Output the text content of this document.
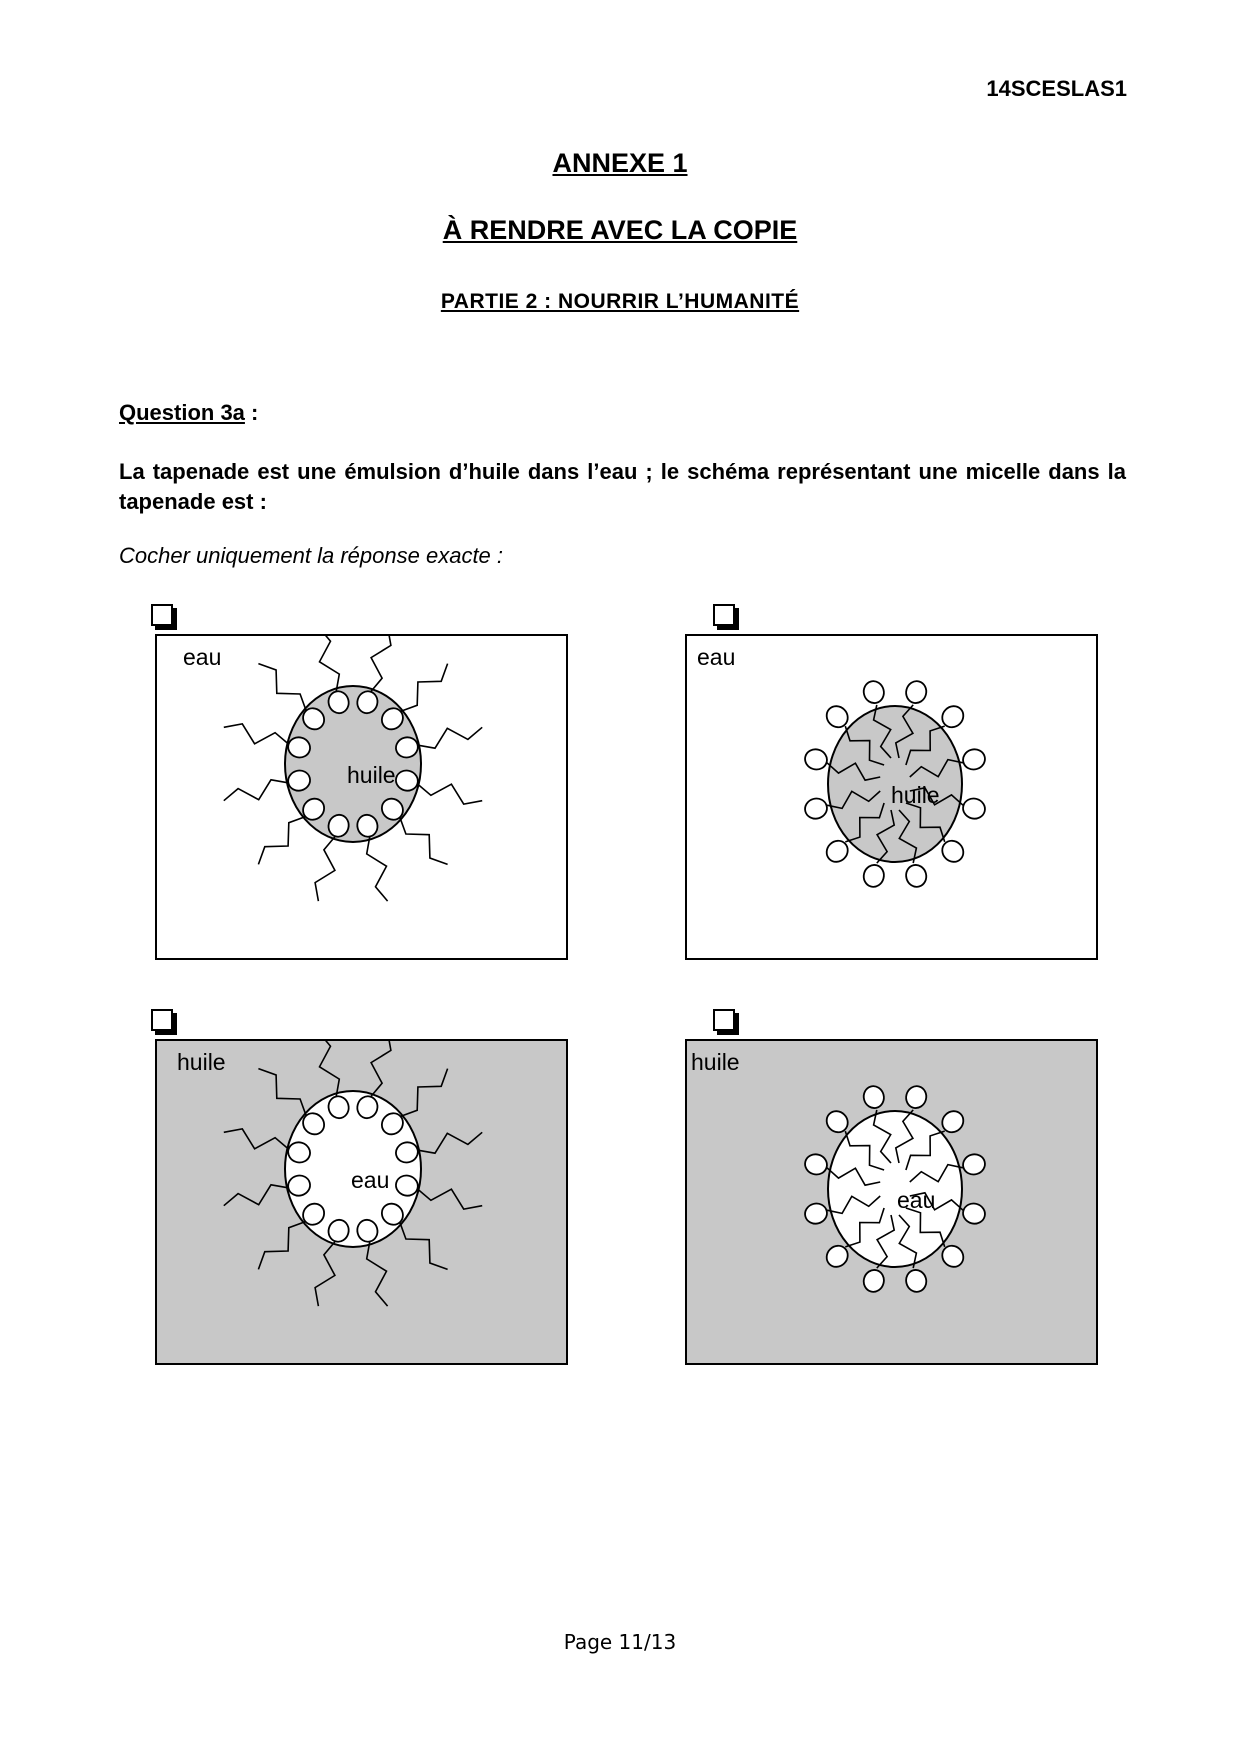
14SCESLAS1
ANNEXE 1
À RENDRE AVEC LA COPIE
PARTIE 2 : NOURRIR L’HUMANITÉ
Question 3a :
La tapenade est une émulsion d’huile dans l’eau ; le schéma représentant une micelle dans la tapenade est :
Cocher uniquement la réponse exacte :
eau
huile
eau
huile
huile
eau
huile
eau
Page 11/13
